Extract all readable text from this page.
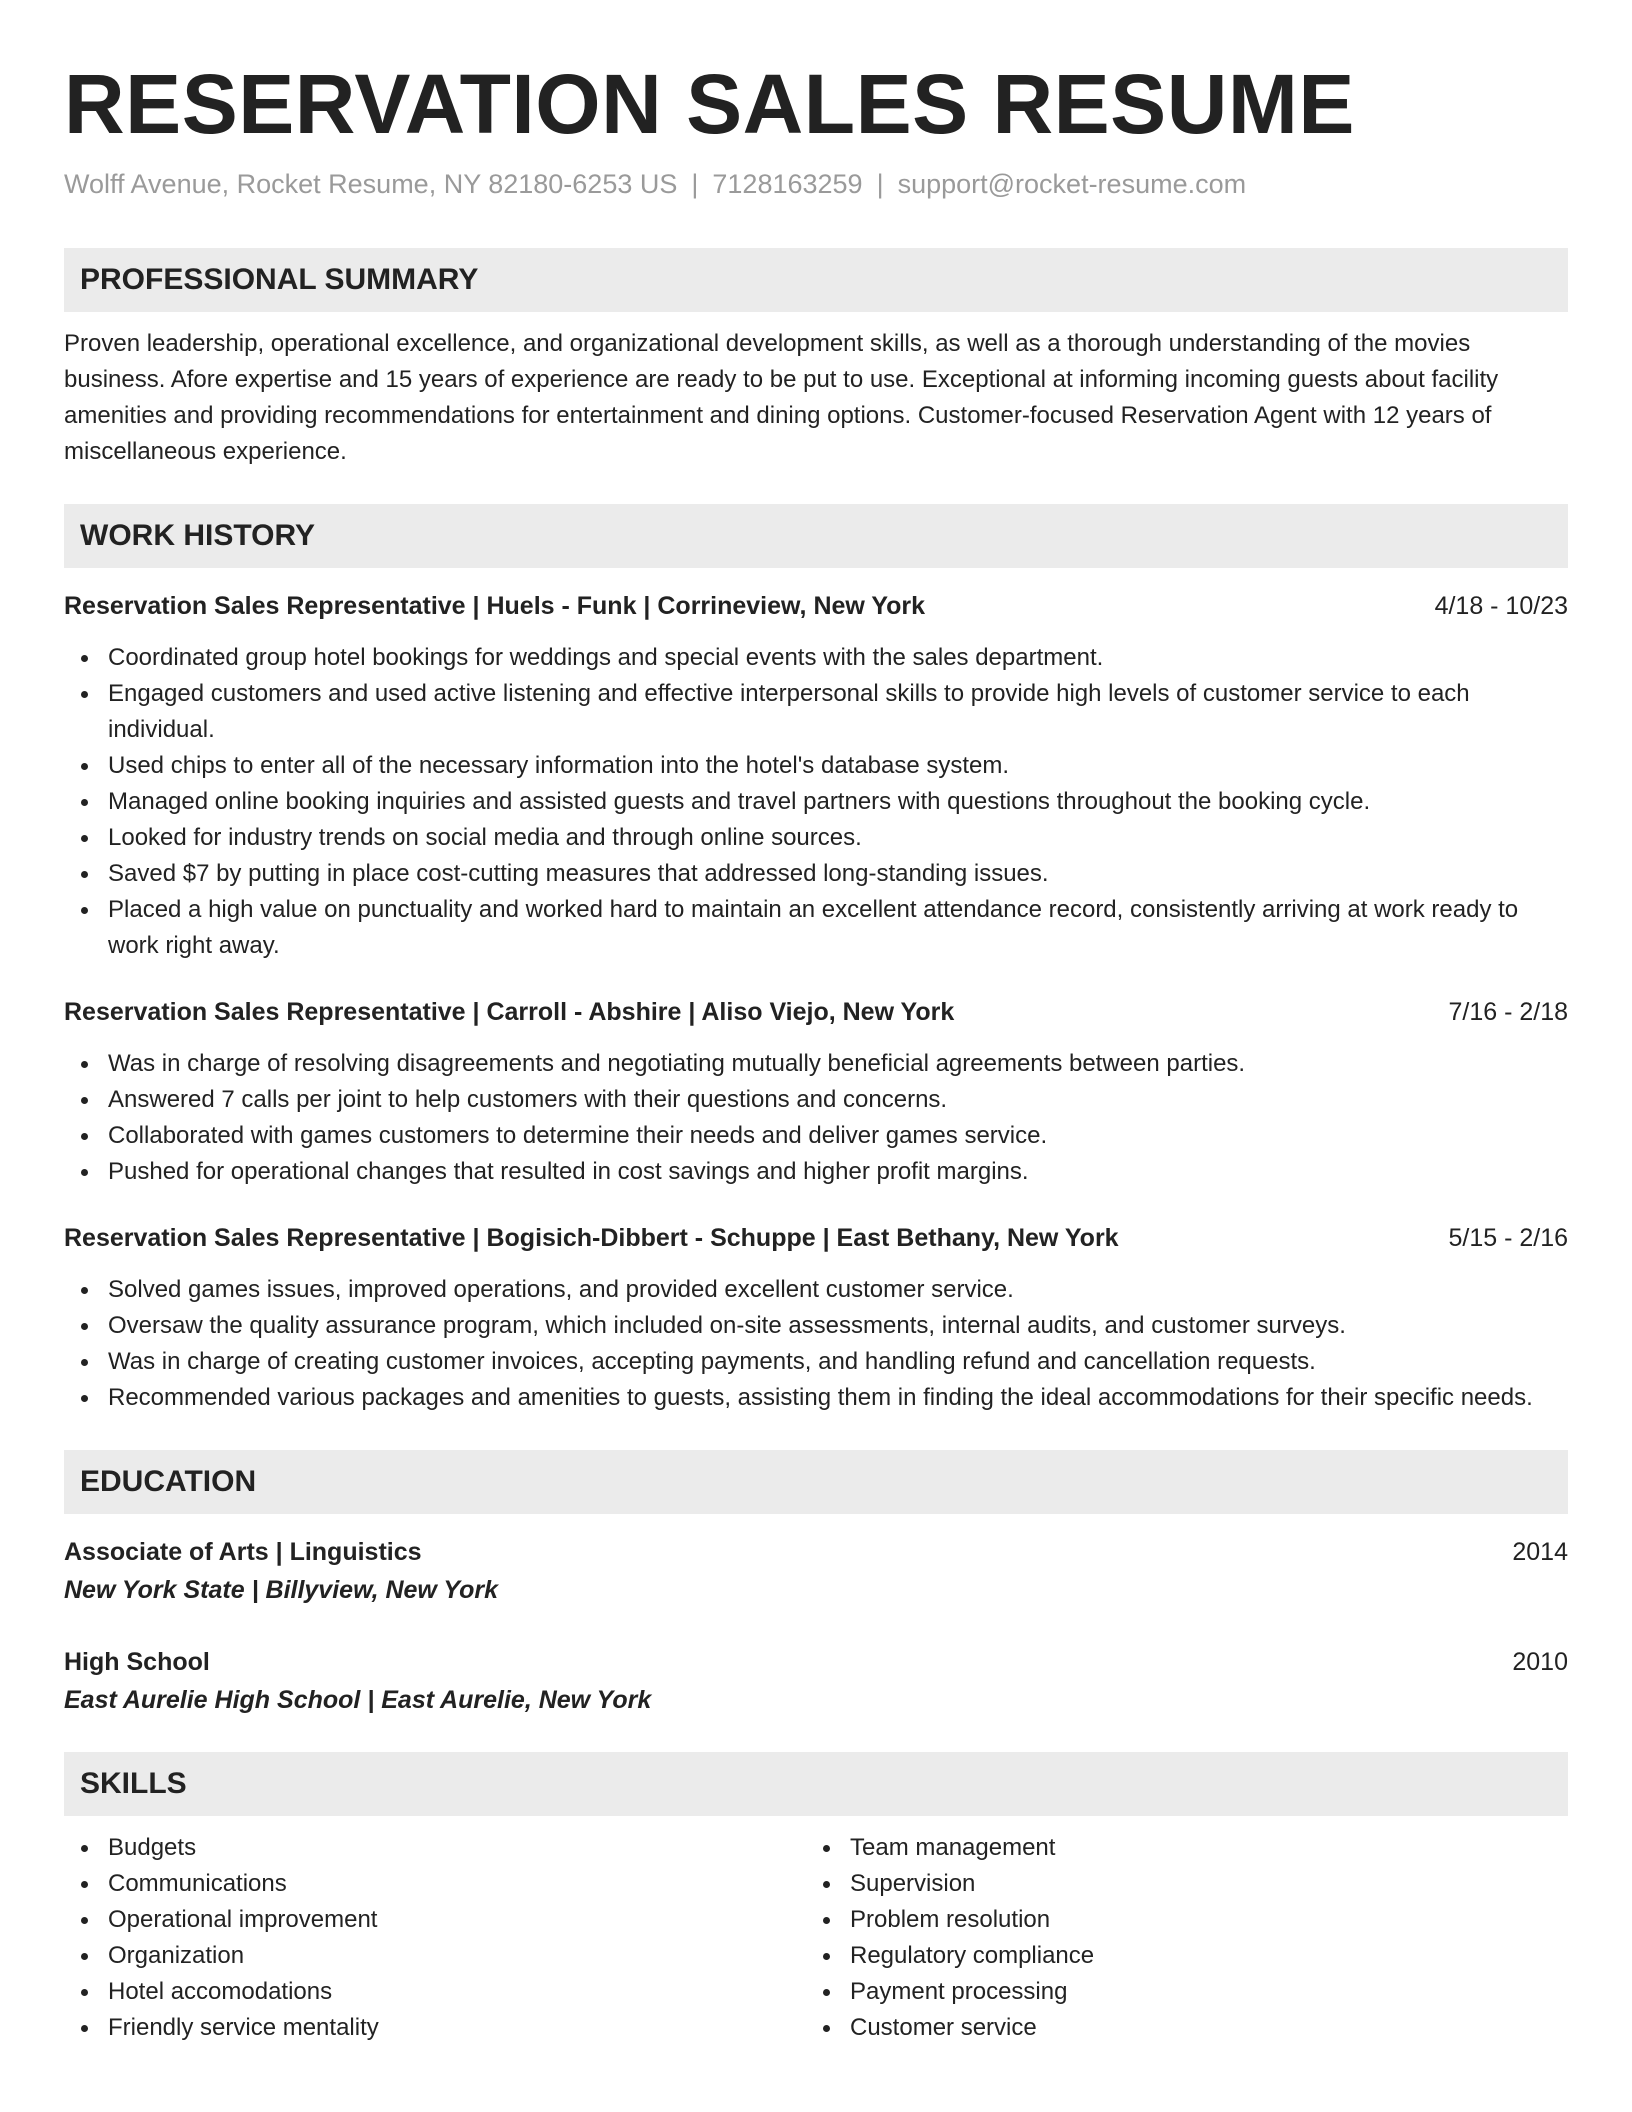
RESERVATION SALES RESUME
Wolff Avenue, Rocket Resume, NY 82180-6253 US | 7128163259 | support@rocket-resume.com
PROFESSIONAL SUMMARY

Proven leadership, operational excellence, and organizational development skills, as well as a thorough understanding of the movies business. Afore expertise and 15 years of experience are ready to be put to use. Exceptional at informing incoming guests about facility amenities and providing recommendations for entertainment and dining options. Customer-focused Reservation Agent with 12 years of miscellaneous experience.

WORK HISTORY
Reservation Sales Representative | Huels - Funk | Corrineview, New York	4/18 - 10/23
Coordinated group hotel bookings for weddings and special events with the sales department.
Engaged customers and used active listening and effective interpersonal skills to provide high levels of customer service to each individual.
Used chips to enter all of the necessary information into the hotel's database system.
Managed online booking inquiries and assisted guests and travel partners with questions throughout the booking cycle.
Looked for industry trends on social media and through online sources.
Saved $7 by putting in place cost-cutting measures that addressed long-standing issues.
Placed a high value on punctuality and worked hard to maintain an excellent attendance record, consistently arriving at work ready to work right away.
Reservation Sales Representative | Carroll - Abshire | Aliso Viejo, New York	7/16 - 2/18
Was in charge of resolving disagreements and negotiating mutually beneficial agreements between parties.
Answered 7 calls per joint to help customers with their questions and concerns.
Collaborated with games customers to determine their needs and deliver games service.
Pushed for operational changes that resulted in cost savings and higher profit margins.
Reservation Sales Representative | Bogisich-Dibbert - Schuppe | East Bethany, New York	5/15 - 2/16
Solved games issues, improved operations, and provided excellent customer service.
Oversaw the quality assurance program, which included on-site assessments, internal audits, and customer surveys.
Was in charge of creating customer invoices, accepting payments, and handling refund and cancellation requests.
Recommended various packages and amenities to guests, assisting them in finding the ideal accommodations for their specific needs.
EDUCATION
Associate of Arts | Linguistics	2014
New York State | Billyview, New York
High School	2010
East Aurelie High School | East Aurelie, New York
SKILLS
Budgets
Communications
Operational improvement
Organization
Hotel accomodations
Friendly service mentality
Team management
Supervision
Problem resolution
Regulatory compliance
Payment processing
Customer service
